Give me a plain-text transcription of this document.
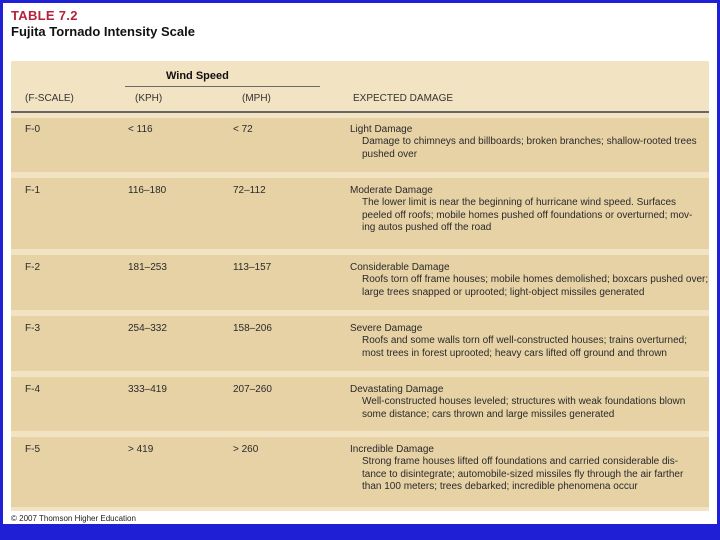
TABLE 7.2
Fujita Tornado Intensity Scale
Wind Speed
(F-SCALE)	(KPH)	(MPH)	EXPECTED DAMAGE
F-0	< 116	< 72	Light Damage
Damage to chimneys and billboards; broken branches; shallow-rooted trees
pushed over
F-1	116–180	72–112	Moderate Damage
The lower limit is near the beginning of hurricane wind speed. Surfaces
peeled off roofs; mobile homes pushed off foundations or overturned; mov-
ing autos pushed off the road
F-2	181–253	113–157	Considerable Damage
Roofs torn off frame houses; mobile homes demolished; boxcars pushed over;
large trees snapped or uprooted; light-object missiles generated
F-3	254–332	158–206	Severe Damage
Roofs and some walls torn off well-constructed houses; trains overturned;
most trees in forest uprooted; heavy cars lifted off ground and thrown
F-4	333–419	207–260	Devastating Damage
Well-constructed houses leveled; structures with weak foundations blown
some distance; cars thrown and large missiles generated
F-5	> 419	> 260	Incredible Damage
Strong frame houses lifted off foundations and carried considerable dis-
tance to disintegrate; automobile-sized missiles fly through the air farther
than 100 meters; trees debarked; incredible phenomena occur
© 2007 Thomson Higher Education
